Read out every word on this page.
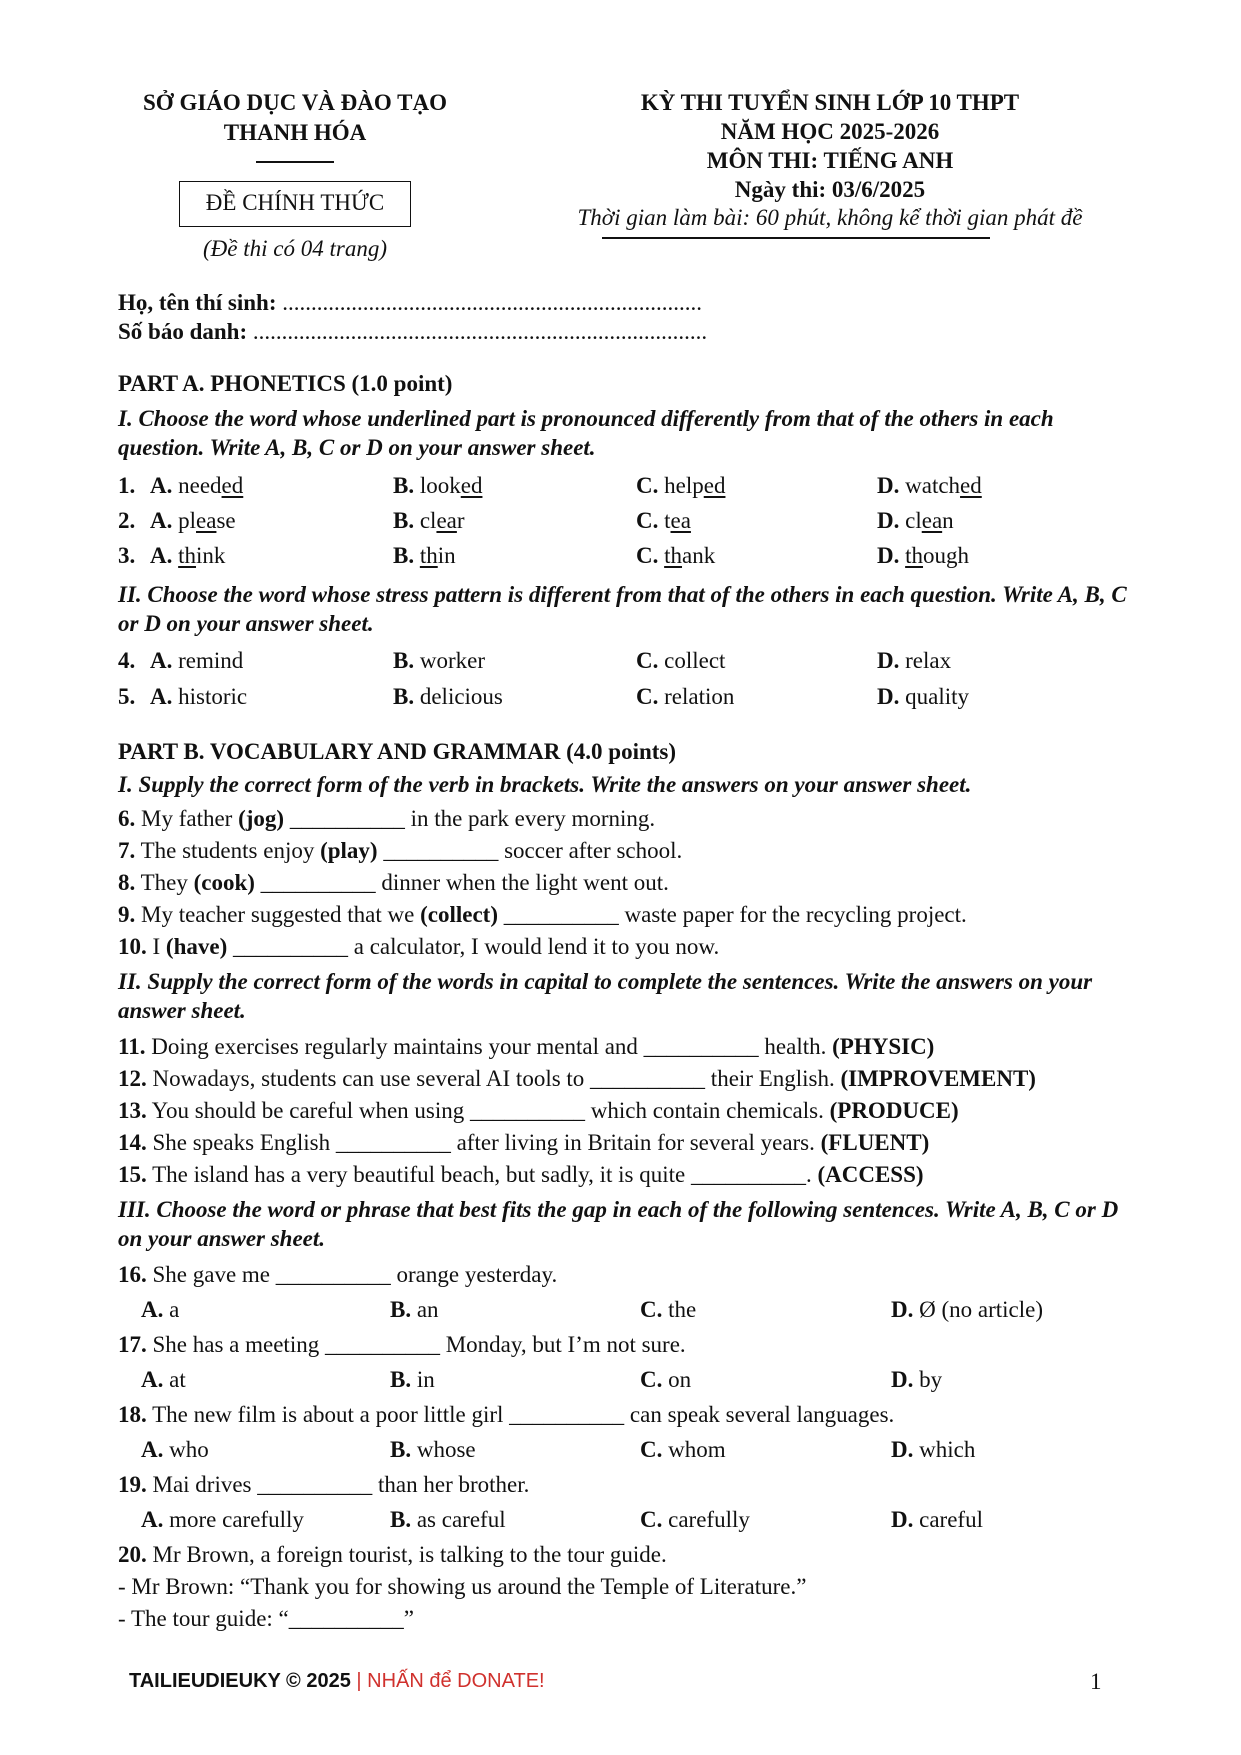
SỞ GIÁO DỤC VÀ ĐÀO TẠO
THANH HÓA
ĐỀ CHÍNH THỨC
(Đề thi có 04 trang)
KỲ THI TUYỂN SINH LỚP 10 THPT
NĂM HỌC 2025-2026
MÔN THI: TIẾNG ANH
Ngày thi: 03/6/2025
Thời gian làm bài: 60 phút, không kể thời gian phát đề
Họ, tên thí sinh: .........................................................................
Số báo danh: ...............................................................................
PART A. PHONETICS (1.0 point)
I. Choose the word whose underlined part is pronounced differently from that of the others in each question. Write A, B, C or D on your answer sheet.
1. A. needed	B. looked	C. helped	D. watched
2. A. please	B. clear	C. tea	D. clean
3. A. think	B. thin	C. thank	D. though
II. Choose the word whose stress pattern is different from that of the others in each question. Write A, B, C or D on your answer sheet.
4. A. remind	B. worker	C. collect	D. relax
5. A. historic	B. delicious	C. relation	D. quality
PART B. VOCABULARY AND GRAMMAR (4.0 points)
I. Supply the correct form of the verb in brackets. Write the answers on your answer sheet.
6. My father (jog) __________ in the park every morning.
7. The students enjoy (play) __________ soccer after school.
8. They (cook) __________ dinner when the light went out.
9. My teacher suggested that we (collect) __________ waste paper for the recycling project.
10. I (have) __________ a calculator, I would lend it to you now.
II. Supply the correct form of the words in capital to complete the sentences. Write the answers on your answer sheet.
11. Doing exercises regularly maintains your mental and __________ health. (PHYSIC)
12. Nowadays, students can use several AI tools to __________ their English. (IMPROVEMENT)
13. You should be careful when using __________ which contain chemicals. (PRODUCE)
14. She speaks English __________ after living in Britain for several years. (FLUENT)
15. The island has a very beautiful beach, but sadly, it is quite __________. (ACCESS)
III. Choose the word or phrase that best fits the gap in each of the following sentences. Write A, B, C or D on your answer sheet.
16. She gave me __________ orange yesterday.
A. a	B. an	C. the	D. Ø (no article)
17. She has a meeting __________ Monday, but I’m not sure.
A. at	B. in	C. on	D. by
18. The new film is about a poor little girl __________ can speak several languages.
A. who	B. whose	C. whom	D. which
19. Mai drives __________ than her brother.
A. more carefully	B. as careful	C. carefully	D. careful
20. Mr Brown, a foreign tourist, is talking to the tour guide.
- Mr Brown: “Thank you for showing us around the Temple of Literature.”
- The tour guide: “__________”
TAILIEUDIEUKY © 2025 | NHẤN để DONATE!	1
